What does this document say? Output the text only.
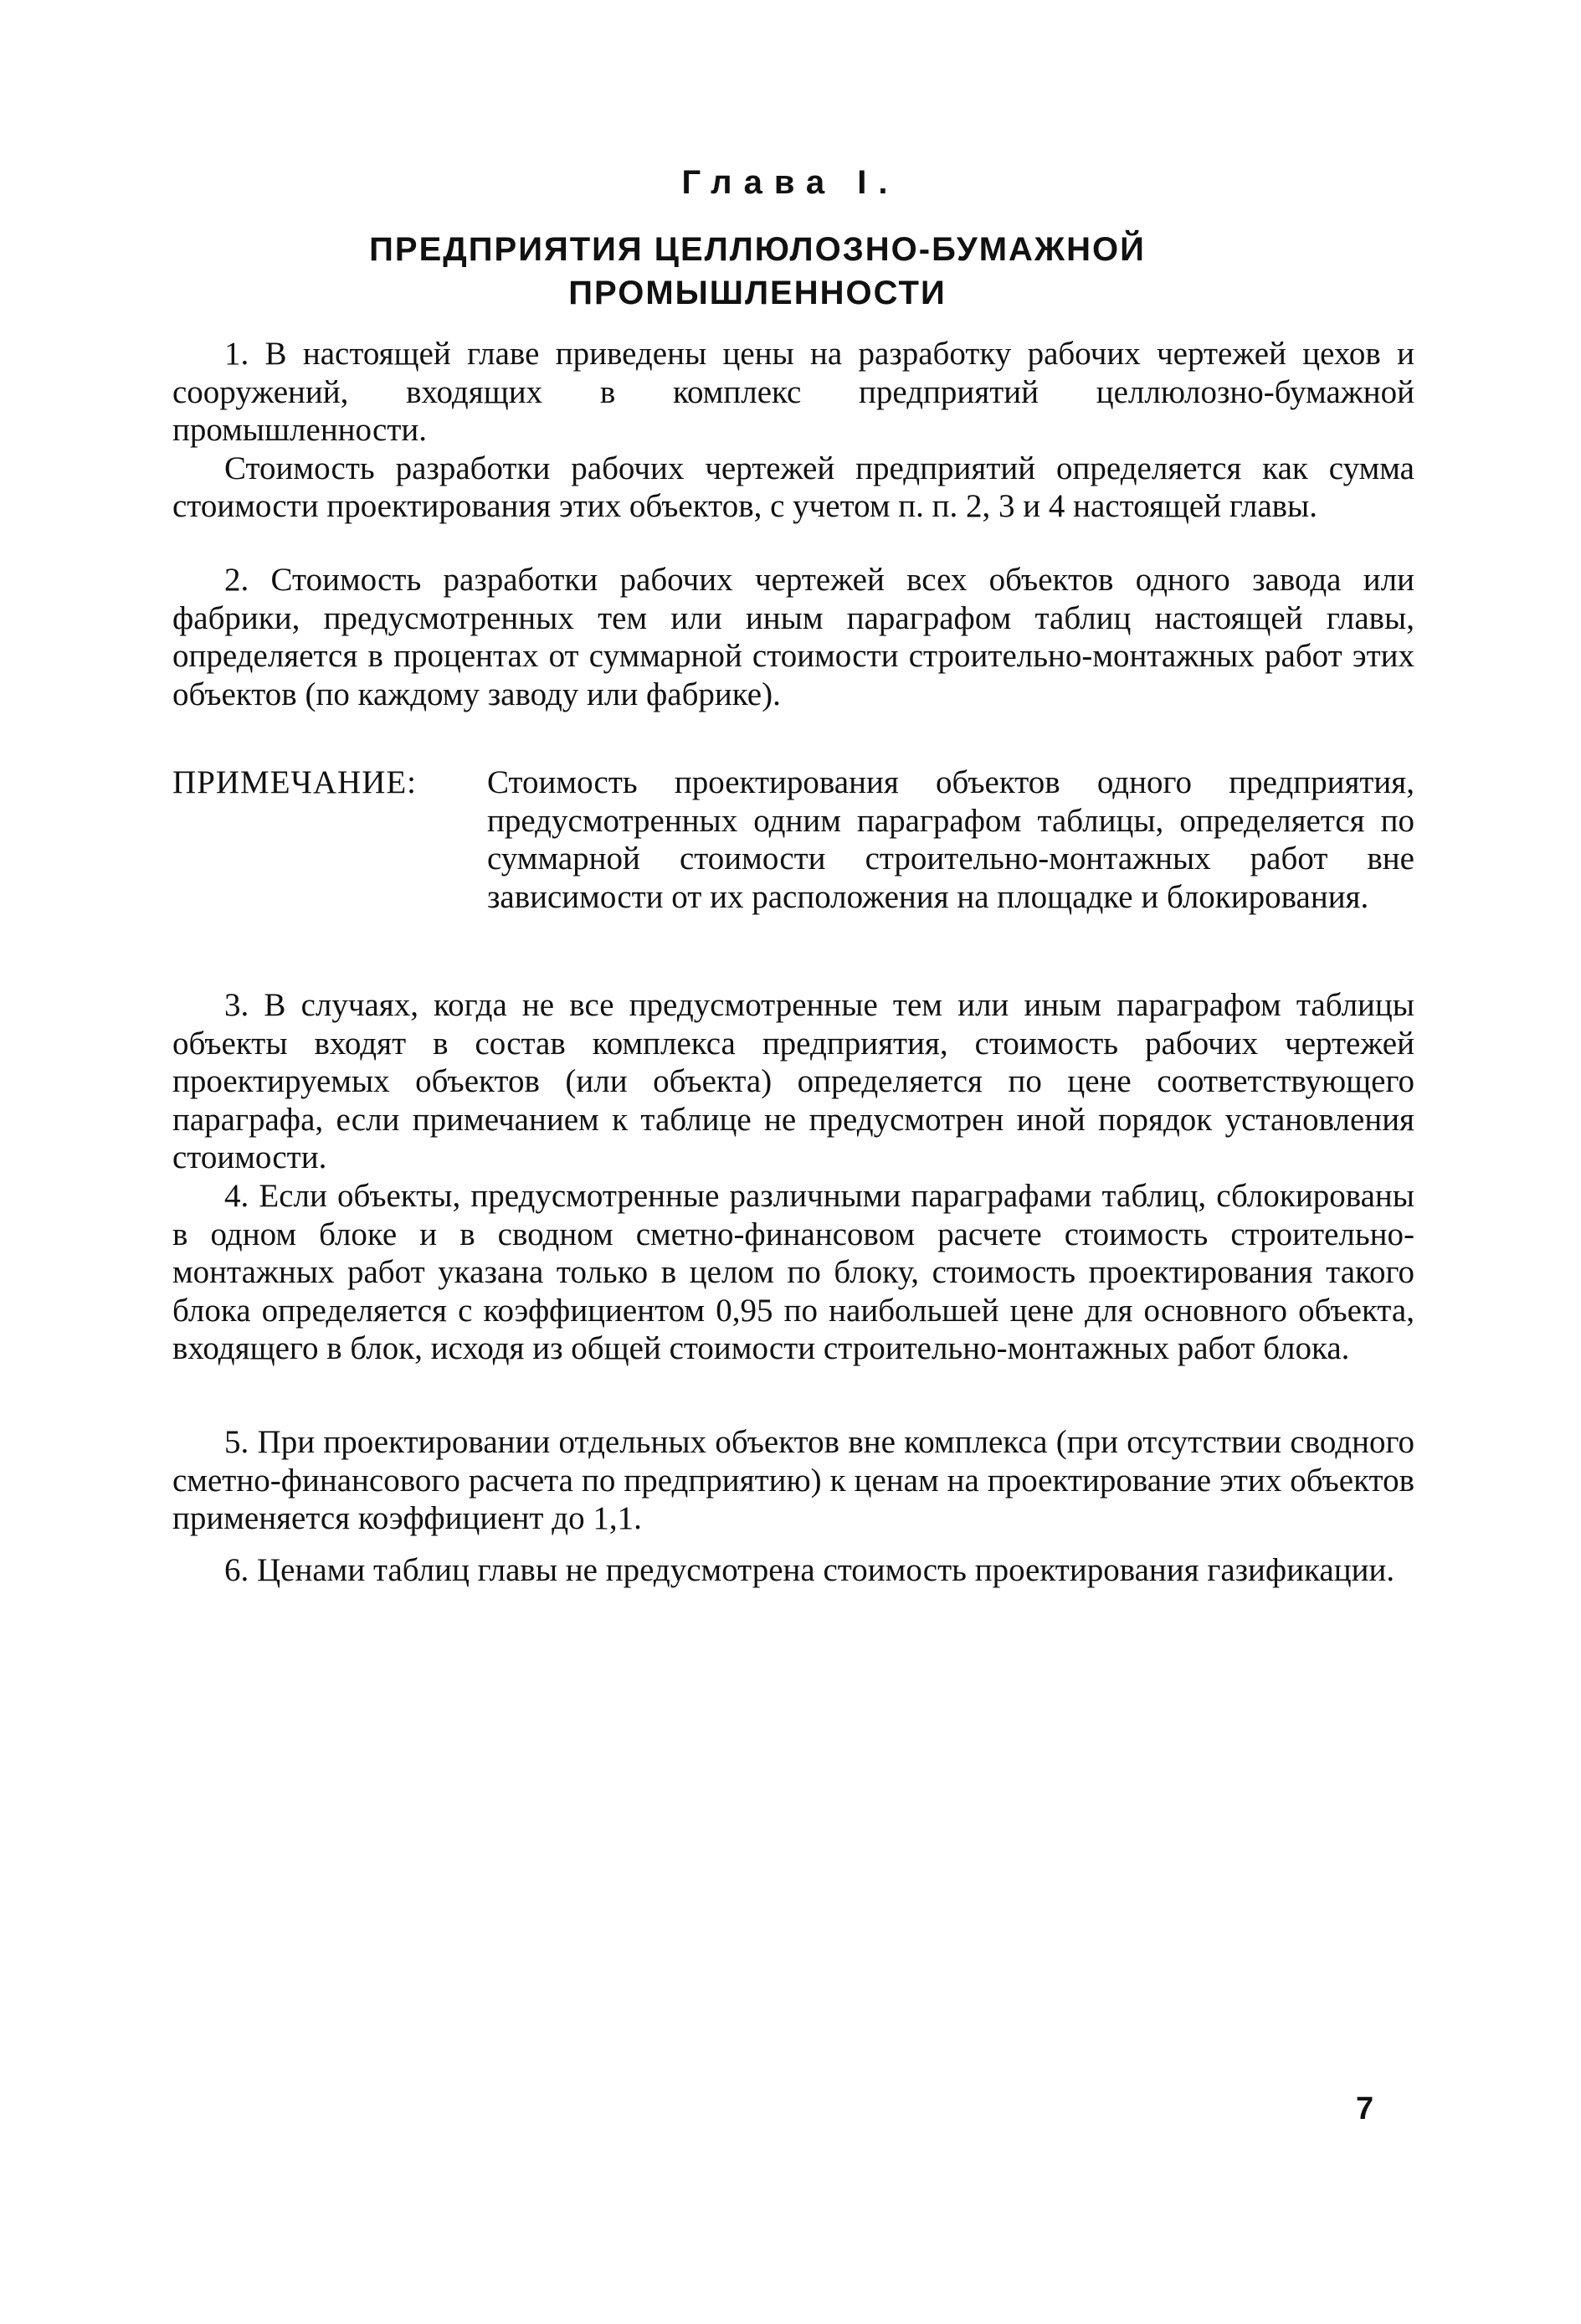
Глава I.
ПРЕДПРИЯТИЯ ЦЕЛЛЮЛОЗНО-БУМАЖНОЙ ПРОМЫШЛЕННОСТИ

1. В настоящей главе приведены цены на разработку рабочих чертежей цехов и сооружений, входящих в комплекс предприятий целлюлозно-бумажной промышленности.

Стоимость разработки рабочих чертежей предприятий определяется как сумма стоимости проектирования этих объектов, с учетом п. п. 2, 3 и 4 настоящей главы.

2. Стоимость разработки рабочих чертежей всех объектов одного завода или фабрики, предусмотренных тем или иным параграфом таблиц настоящей главы, определяется в процентах от суммарной стоимости строительно-монтажных работ этих объектов (по каждому заводу или фабрике).

ПРИМЕЧАНИЕ: Стоимость проектирования объектов одного предприятия, предусмотренных одним параграфом таблицы, определяется по суммарной стоимости строительно-монтажных работ вне зависимости от их расположения на площадке и блокирования.

3. В случаях, когда не все предусмотренные тем или иным параграфом таблицы объекты входят в состав комплекса предприятия, стоимость рабочих чертежей проектируемых объектов (или объекта) определяется по цене соответствующего параграфа, если примечанием к таблице не предусмотрен иной порядок установления стоимости.

4. Если объекты, предусмотренные различными параграфами таблиц, сблокированы в одном блоке и в сводном сметно-финансовом расчете стоимость строительно-монтажных работ указана только в целом по блоку, стоимость проектирования такого блока определяется с коэффициентом 0,95 по наибольшей цене для основного объекта, входящего в блок, исходя из общей стоимости строительно-монтажных работ блока.

5. При проектировании отдельных объектов вне комплекса (при отсутствии сводного сметно-финансового расчета по предприятию) к ценам на проектирование этих объектов применяется коэффициент до 1,1.

6. Ценами таблиц главы не предусмотрена стоимость проектирования газификации.

7
